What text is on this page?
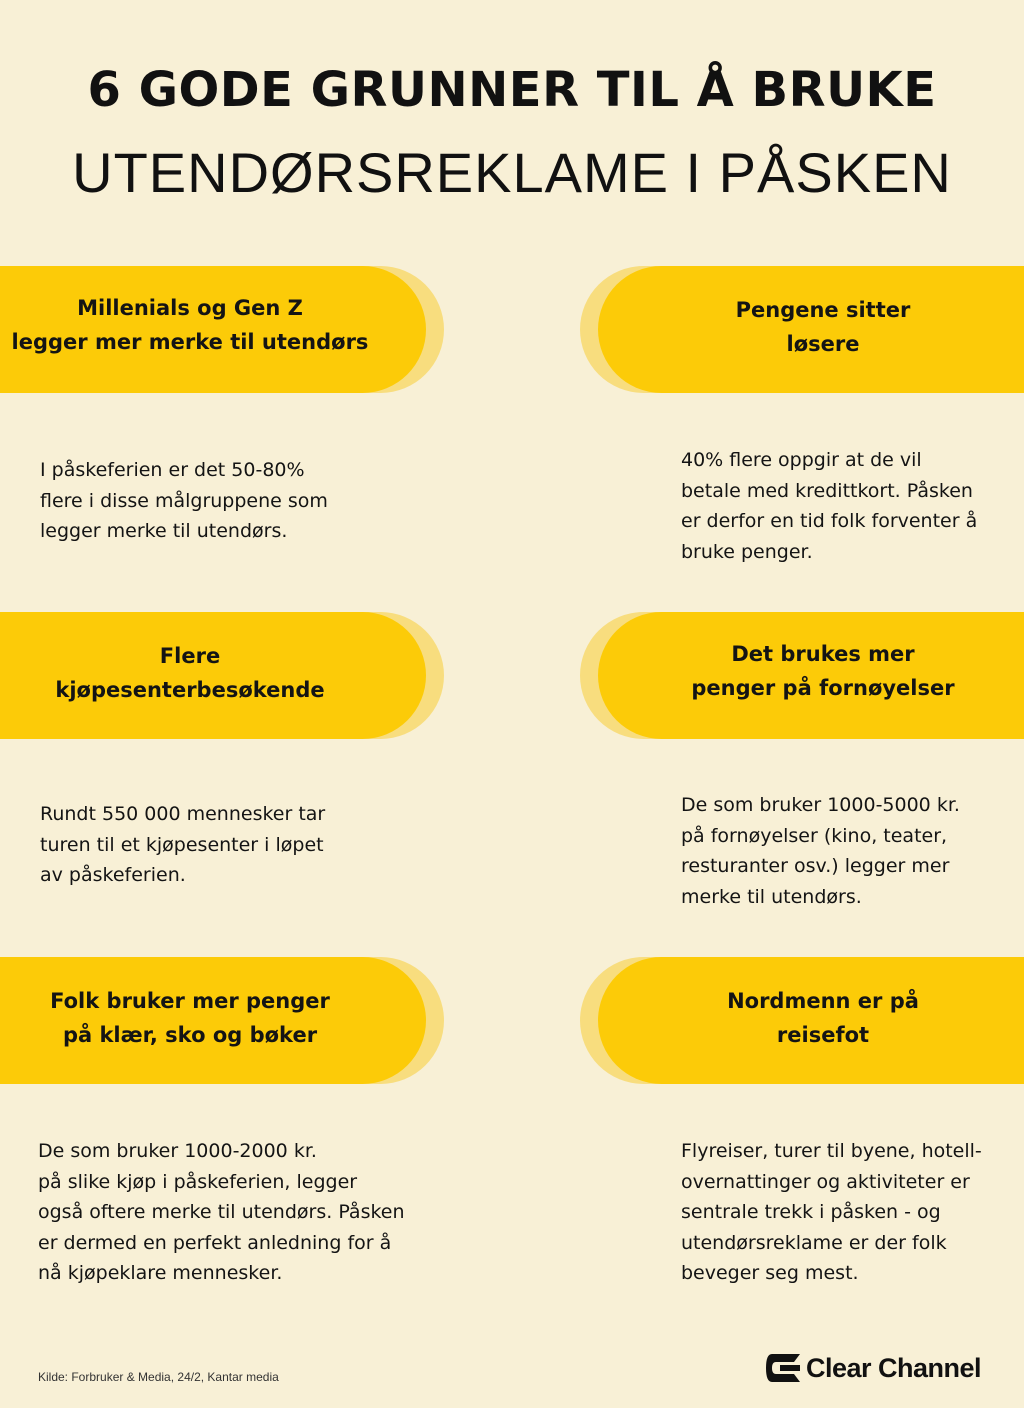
6 GODE GRUNNER TIL Å BRUKE
UTENDØRSREKLAME I PÅSKEN
Millenials og Gen Z
legger mer merke til utendørs

I påskeferien er det 50-80%
flere i disse målgruppene som
legger merke til utendørs.

Pengene sitter
løsere

40% flere oppgir at de vil
betale med kredittkort. Påsken
er derfor en tid folk forventer å
bruke penger.

Flere
kjøpesenterbesøkende

Rundt 550 000 mennesker tar
turen til et kjøpesenter i løpet
av påskeferien.

Det brukes mer
penger på fornøyelser

De som bruker 1000-5000 kr.
på fornøyelser (kino, teater,
resturanter osv.) legger mer
merke til utendørs.

Folk bruker mer penger
på klær, sko og bøker

De som bruker 1000-2000 kr.
på slike kjøp i påskeferien, legger
også oftere merke til utendørs. Påsken
er dermed en perfekt anledning for å
nå kjøpeklare mennesker.

Nordmenn er på
reisefot

Flyreiser, turer til byene, hotell-
overnattinger og aktiviteter er
sentrale trekk i påsken - og
utendørsreklame er der folk
beveger seg mest.

Kilde: Forbruker & Media, 24/2, Kantar media	Clear Channel
